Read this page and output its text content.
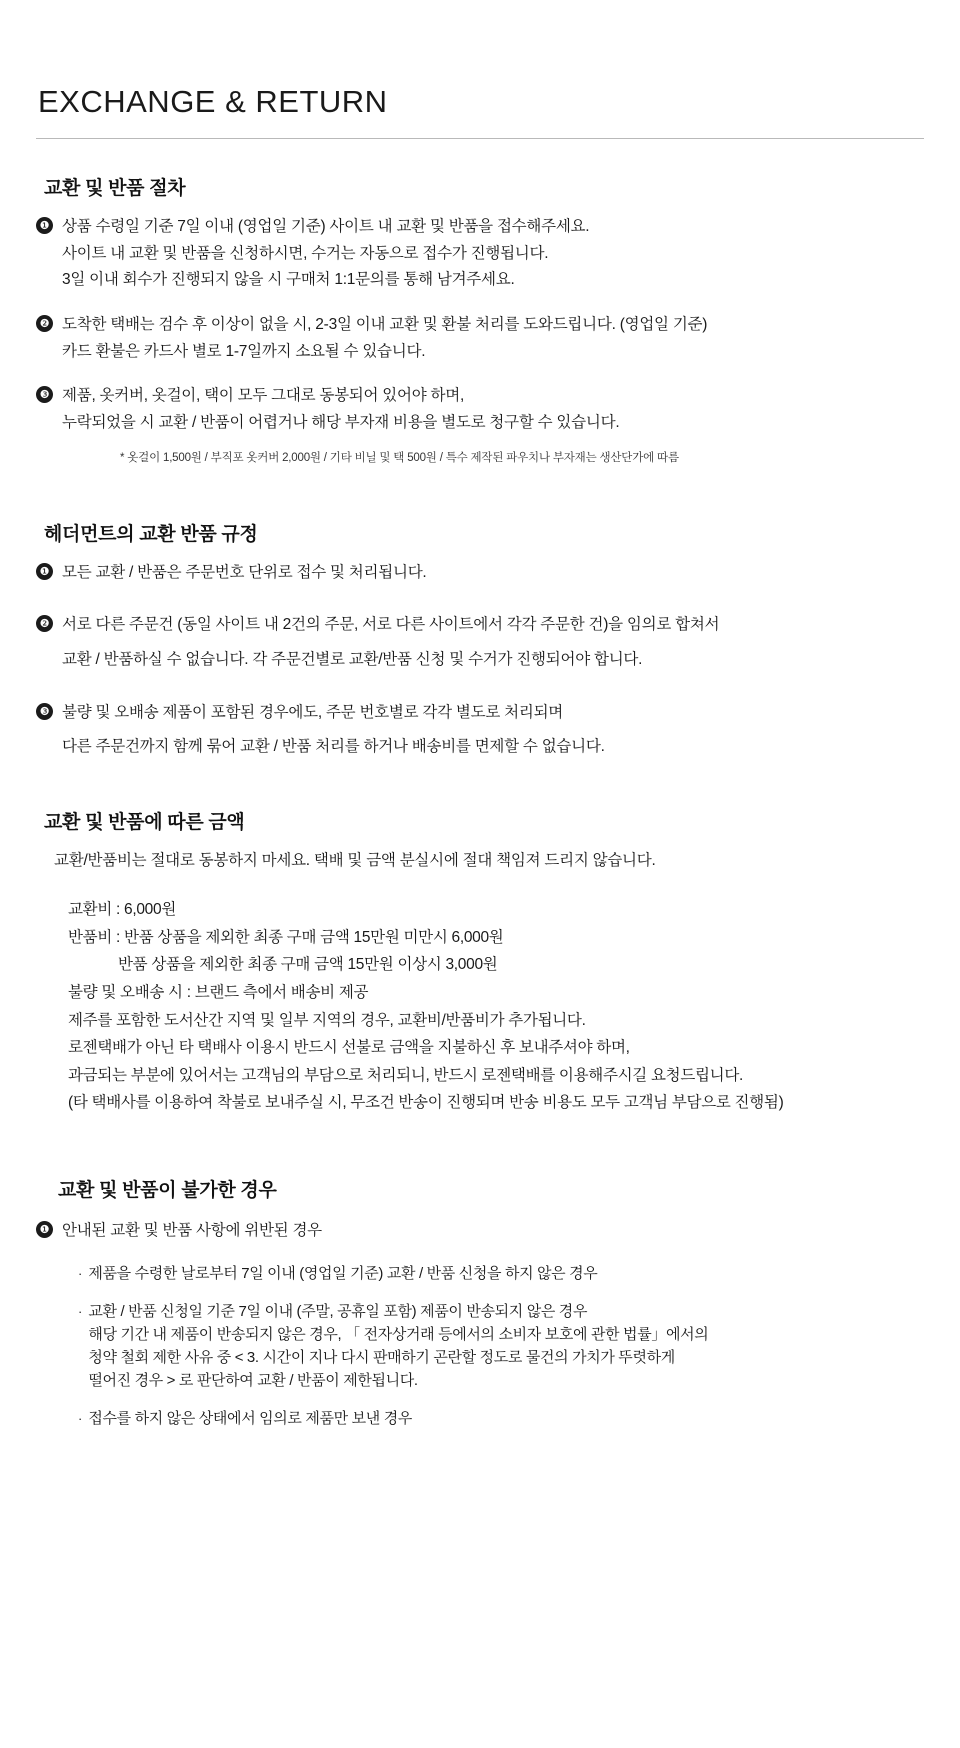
EXCHANGE & RETURN
교환 및 반품 절차
❶ 상품 수령일 기준 7일 이내 (영업일 기준) 사이트 내 교환 및 반품을 접수해주세요.
사이트 내 교환 및 반품을 신청하시면, 수거는 자동으로 접수가 진행됩니다.
3일 이내 회수가 진행되지 않을 시 구매처 1:1문의를 통해 남겨주세요.
❷ 도착한 택배는 검수 후 이상이 없을 시, 2-3일 이내 교환 및 환불 처리를 도와드립니다. (영업일 기준)
카드 환불은 카드사 별로 1-7일까지 소요될 수 있습니다.
❸ 제품, 옷커버, 옷걸이, 택이 모두 그대로 동봉되어 있어야 하며,
누락되었을 시 교환 / 반품이 어렵거나 해당 부자재 비용을 별도로 청구할 수 있습니다.
* 옷걸이 1,500원 / 부직포 옷커버 2,000원 / 기타 비닐 및 택 500원 / 특수 제작된 파우치나 부자재는 생산단가에 따름
헤더먼트의 교환 반품 규정
❶ 모든 교환 / 반품은 주문번호 단위로 접수 및 처리됩니다.
❷ 서로 다른 주문건 (동일 사이트 내 2건의 주문, 서로 다른 사이트에서 각각 주문한 건)을 임의로 합쳐서
교환 / 반품하실 수 없습니다. 각 주문건별로 교환/반품 신청 및 수거가 진행되어야 합니다.
❸ 불량 및 오배송 제품이 포함된 경우에도, 주문 번호별로 각각 별도로 처리되며
다른 주문건까지 함께 묶어 교환 / 반품 처리를 하거나 배송비를 면제할 수 없습니다.
교환 및 반품에 따른 금액
교환/반품비는 절대로 동봉하지 마세요. 택배 및 금액 분실시에 절대 책임져 드리지 않습니다.
교환비 : 6,000원
반품비 : 반품 상품을 제외한 최종 구매 금액 15만원 미만시 6,000원
반품 상품을 제외한 최종 구매 금액 15만원 이상시 3,000원
불량 및 오배송 시 : 브랜드 측에서 배송비 제공
제주를 포함한 도서산간 지역 및 일부 지역의 경우, 교환비/반품비가 추가됩니다.
로젠택배가 아닌 타 택배사 이용시 반드시 선불로 금액을 지불하신 후 보내주셔야 하며,
과금되는 부분에 있어서는 고객님의 부담으로 처리되니, 반드시 로젠택배를 이용해주시길 요청드립니다.
(타 택배사를 이용하여 착불로 보내주실 시, 무조건 반송이 진행되며 반송 비용도 모두 고객님 부담으로 진행됨)
교환 및 반품이 불가한 경우
❶ 안내된 교환 및 반품 사항에 위반된 경우
· 제품을 수령한 날로부터 7일 이내 (영업일 기준) 교환 / 반품 신청을 하지 않은 경우
· 교환 / 반품 신청일 기준 7일 이내 (주말, 공휴일 포함) 제품이 반송되지 않은 경우
해당 기간 내 제품이 반송되지 않은 경우, 「 전자상거래 등에서의 소비자 보호에 관한 법률」에서의
청약 철회 제한 사유 중 < 3. 시간이 지나 다시 판매하기 곤란할 정도로 물건의 가치가 뚜렷하게
떨어진 경우 > 로 판단하여 교환 / 반품이 제한됩니다.
· 접수를 하지 않은 상태에서 임의로 제품만 보낸 경우
